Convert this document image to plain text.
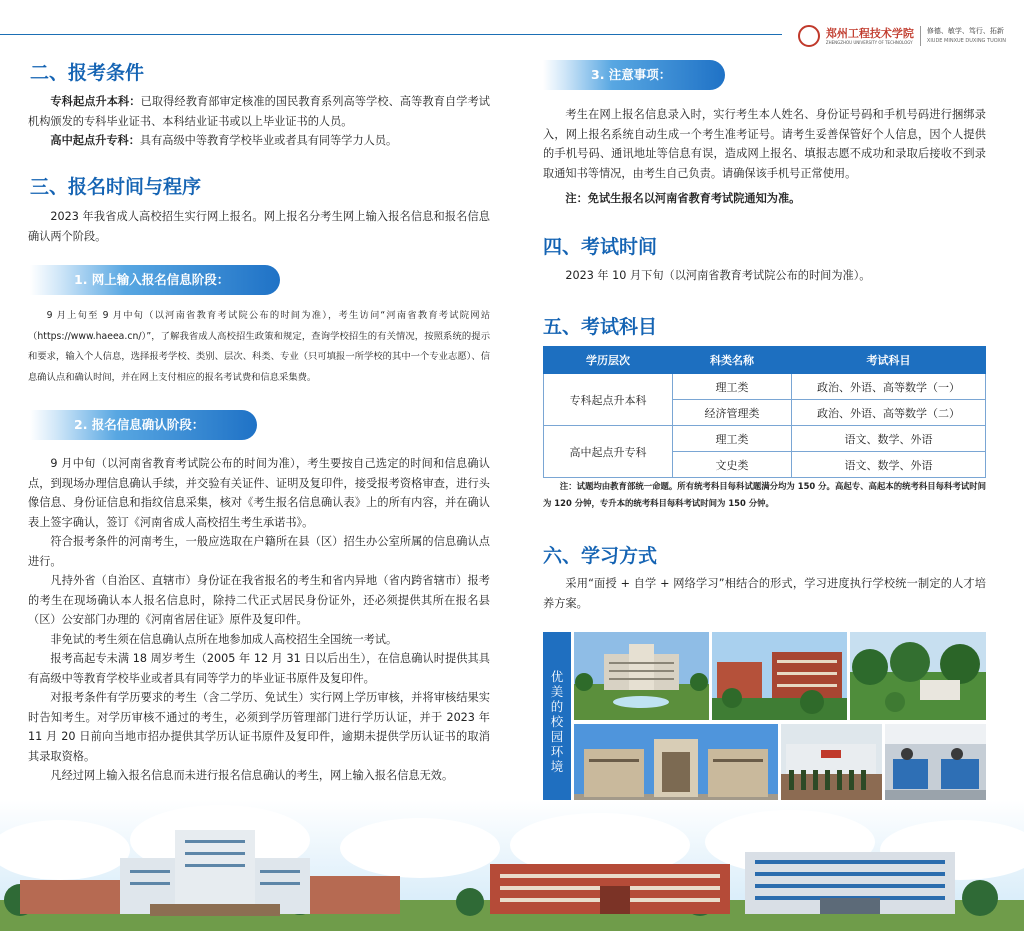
郑州工程技术学院
ZHENGZHOU UNIVERSITY OF TECHNOLOGY
修德、敏学、笃行、拓新
XIUDE MINXUE DUXING TUOXIN
二、报考条件

专科起点升本科：已取得经教育部审定核准的国民教育系列高等学校、高等教育自学考试机构颁发的专科毕业证书、本科结业证书或以上毕业证书的人员。

高中起点升专科：具有高级中等教育学校毕业或者具有同等学力人员。

三、报名时间与程序

2023 年我省成人高校招生实行网上报名。网上报名分考生网上输入报名信息和报名信息确认两个阶段。

1. 网上输入报名信息阶段：

9 月上旬至 9 月中旬（以河南省教育考试院公布的时间为准），考生访问“河南省教育考试院网站（https://www.haeea.cn/）”，了解我省成人高校招生政策和规定，查询学校招生的有关情况，按照系统的提示和要求，输入个人信息，选择报考学校、类别、层次、科类、专业（只可填报一所学校的其中一个专业志愿）、信息确认点和确认时间，并在网上支付相应的报名考试费和信息采集费。

2. 报名信息确认阶段：

9 月中旬（以河南省教育考试院公布的时间为准），考生要按自己选定的时间和信息确认点，到现场办理信息确认手续，并交验有关证件、证明及复印件，接受报考资格审查，进行头像信息、身份证信息和指纹信息采集，核对《考生报名信息确认表》上的所有内容，并在确认表上签字确认，签订《河南省成人高校招生考生承诺书》。

符合报考条件的河南考生，一般应选取在户籍所在县（区）招生办公室所属的信息确认点进行。

凡持外省（自治区、直辖市）身份证在我省报名的考生和省内异地（省内跨省辖市）报考的考生在现场确认本人报名信息时，除持二代正式居民身份证外，还必须提供其所在报名县（区）公安部门办理的《河南省居住证》原件及复印件。

非免试的考生须在信息确认点所在地参加成人高校招生全国统一考试。

报考高起专未满 18 周岁考生（2005 年 12 月 31 日以后出生），在信息确认时提供其具有高级中等教育学校毕业或者具有同等学力的毕业证书原件及复印件。

对报考条件有学历要求的考生（含二学历、免试生）实行网上学历审核，并将审核结果实时告知考生。对学历审核不通过的考生，必须到学历管理部门进行学历认证，并于 2023 年 11 月 20 日前向当地市招办提供其学历认证书原件及复印件，逾期未提供学历认证书的取消其录取资格。

凡经过网上输入报名信息而未进行报名信息确认的考生，网上输入报名信息无效。

3. 注意事项：

考生在网上报名信息录入时，实行考生本人姓名、身份证号码和手机号码进行捆绑录入，网上报名系统自动生成一个考生准考证号。请考生妥善保管好个人信息，因个人提供的手机号码、通讯地址等信息有误，造成网上报名、填报志愿不成功和录取后接收不到录取通知书等情况，由考生自己负责。请确保该手机号正常使用。

注：免试生报名以河南省教育考试院通知为准。

四、考试时间

2023 年 10 月下旬（以河南省教育考试院公布的时间为准）。

五、考试科目
学历层次	科类名称	考试科目
专科起点升本科	理工类	政治、外语、高等数学（一）
	经济管理类	政治、外语、高等数学（二）
高中起点升专科	理工类	语文、数学、外语
	文史类	语文、数学、外语

注：试题均由教育部统一命题。所有统考科目每科试题满分均为 150 分。高起专、高起本的统考科目每科考试时间为 120 分钟，专升本的统考科目每科考试时间为 150 分钟。

六、学习方式

采用“面授 + 自学 + 网络学习”相结合的形式，学习进度执行学校统一制定的人才培养方案。

优美的校园环境
